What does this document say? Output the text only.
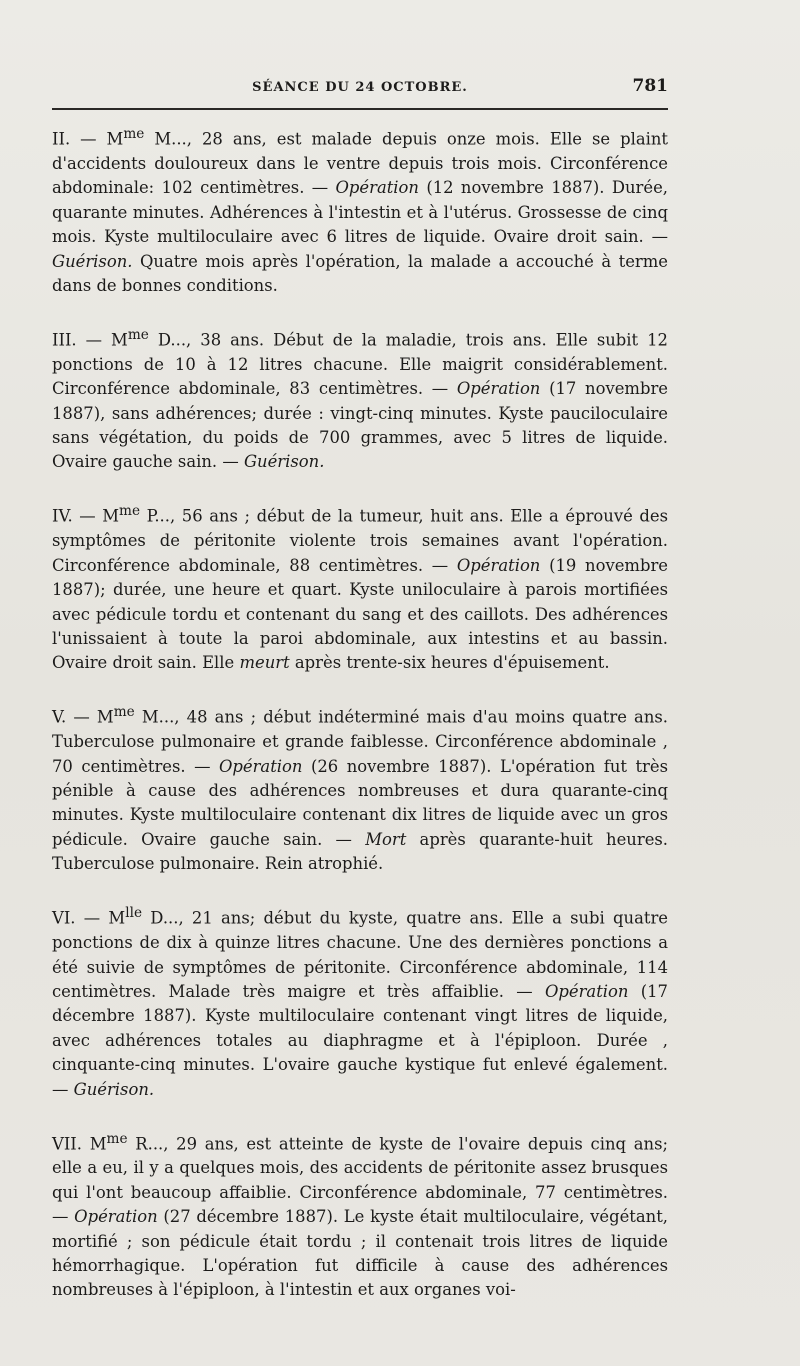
SÉANCE DU 24 OCTOBRE.	781

II. — $M^{me}$ M..., 28 ans, est malade depuis onze mois. Elle se plaint d'accidents douloureux dans le ventre depuis trois mois. Circonférence abdominale: 102 centimètres. — Opération (12 novembre 1887). Durée, quarante minutes. Adhérences à l'intestin et à l'utérus. Grossesse de cinq mois. Kyste multiloculaire avec 6 litres de liquide. Ovaire droit sain. — Guérison. Quatre mois après l'opération, la malade a accouché à terme dans de bonnes conditions.

III. — $M^{me}$ D..., 38 ans. Début de la maladie, trois ans. Elle subit 12 ponctions de 10 à 12 litres chacune. Elle maigrit considérablement. Circonférence abdominale, 83 centimètres. — Opération (17 novembre 1887), sans adhérences; durée : vingt-cinq minutes. Kyste pauciloculaire sans végétation, du poids de 700 grammes, avec 5 litres de liquide. Ovaire gauche sain. — Guérison.

IV. — $M^{me}$ P..., 56 ans ; début de la tumeur, huit ans. Elle a éprouvé des symptômes de péritonite violente trois semaines avant l'opération. Circonférence abdominale, 88 centimètres. — Opération (19 novembre 1887); durée, une heure et quart. Kyste uniloculaire à parois mortifiées avec pédicule tordu et contenant du sang et des caillots. Des adhérences l'unissaient à toute la paroi abdominale, aux intestins et au bassin. Ovaire droit sain. Elle meurt après trente-six heures d'épuisement.

V. — $M^{me}$ M..., 48 ans ; début indéterminé mais d'au moins quatre ans. Tuberculose pulmonaire et grande faiblesse. Circonférence abdominale , 70 centimètres. — Opération (26 novembre 1887). L'opération fut très pénible à cause des adhérences nombreuses et dura quarante-cinq minutes. Kyste multiloculaire contenant dix litres de liquide avec un gros pédicule. Ovaire gauche sain. — Mort après quarante-huit heures. Tuberculose pulmonaire. Rein atrophié.

VI. — $M^{lle}$ D..., 21 ans; début du kyste, quatre ans. Elle a subi quatre ponctions de dix à quinze litres chacune. Une des dernières ponctions a été suivie de symptômes de péritonite. Circonférence abdominale, 114 centimètres. Malade très maigre et très affaiblie. — Opération (17 décembre 1887). Kyste multiloculaire contenant vingt litres de liquide, avec adhérences totales au diaphragme et à l'épiploon. Durée , cinquante-cinq minutes. L'ovaire gauche kystique fut enlevé également. — Guérison.

VII. $M^{me}$ R..., 29 ans, est atteinte de kyste de l'ovaire depuis cinq ans; elle a eu, il y a quelques mois, des accidents de péritonite assez brusques qui l'ont beaucoup affaiblie. Circonférence abdominale, 77 centimètres. — Opération (27 décembre 1887). Le kyste était multiloculaire, végétant, mortifié ; son pédicule était tordu ; il contenait trois litres de liquide hémorrhagique. L'opération fut difficile à cause des adhérences nombreuses à l'épiploon, à l'intestin et aux organes voi-
